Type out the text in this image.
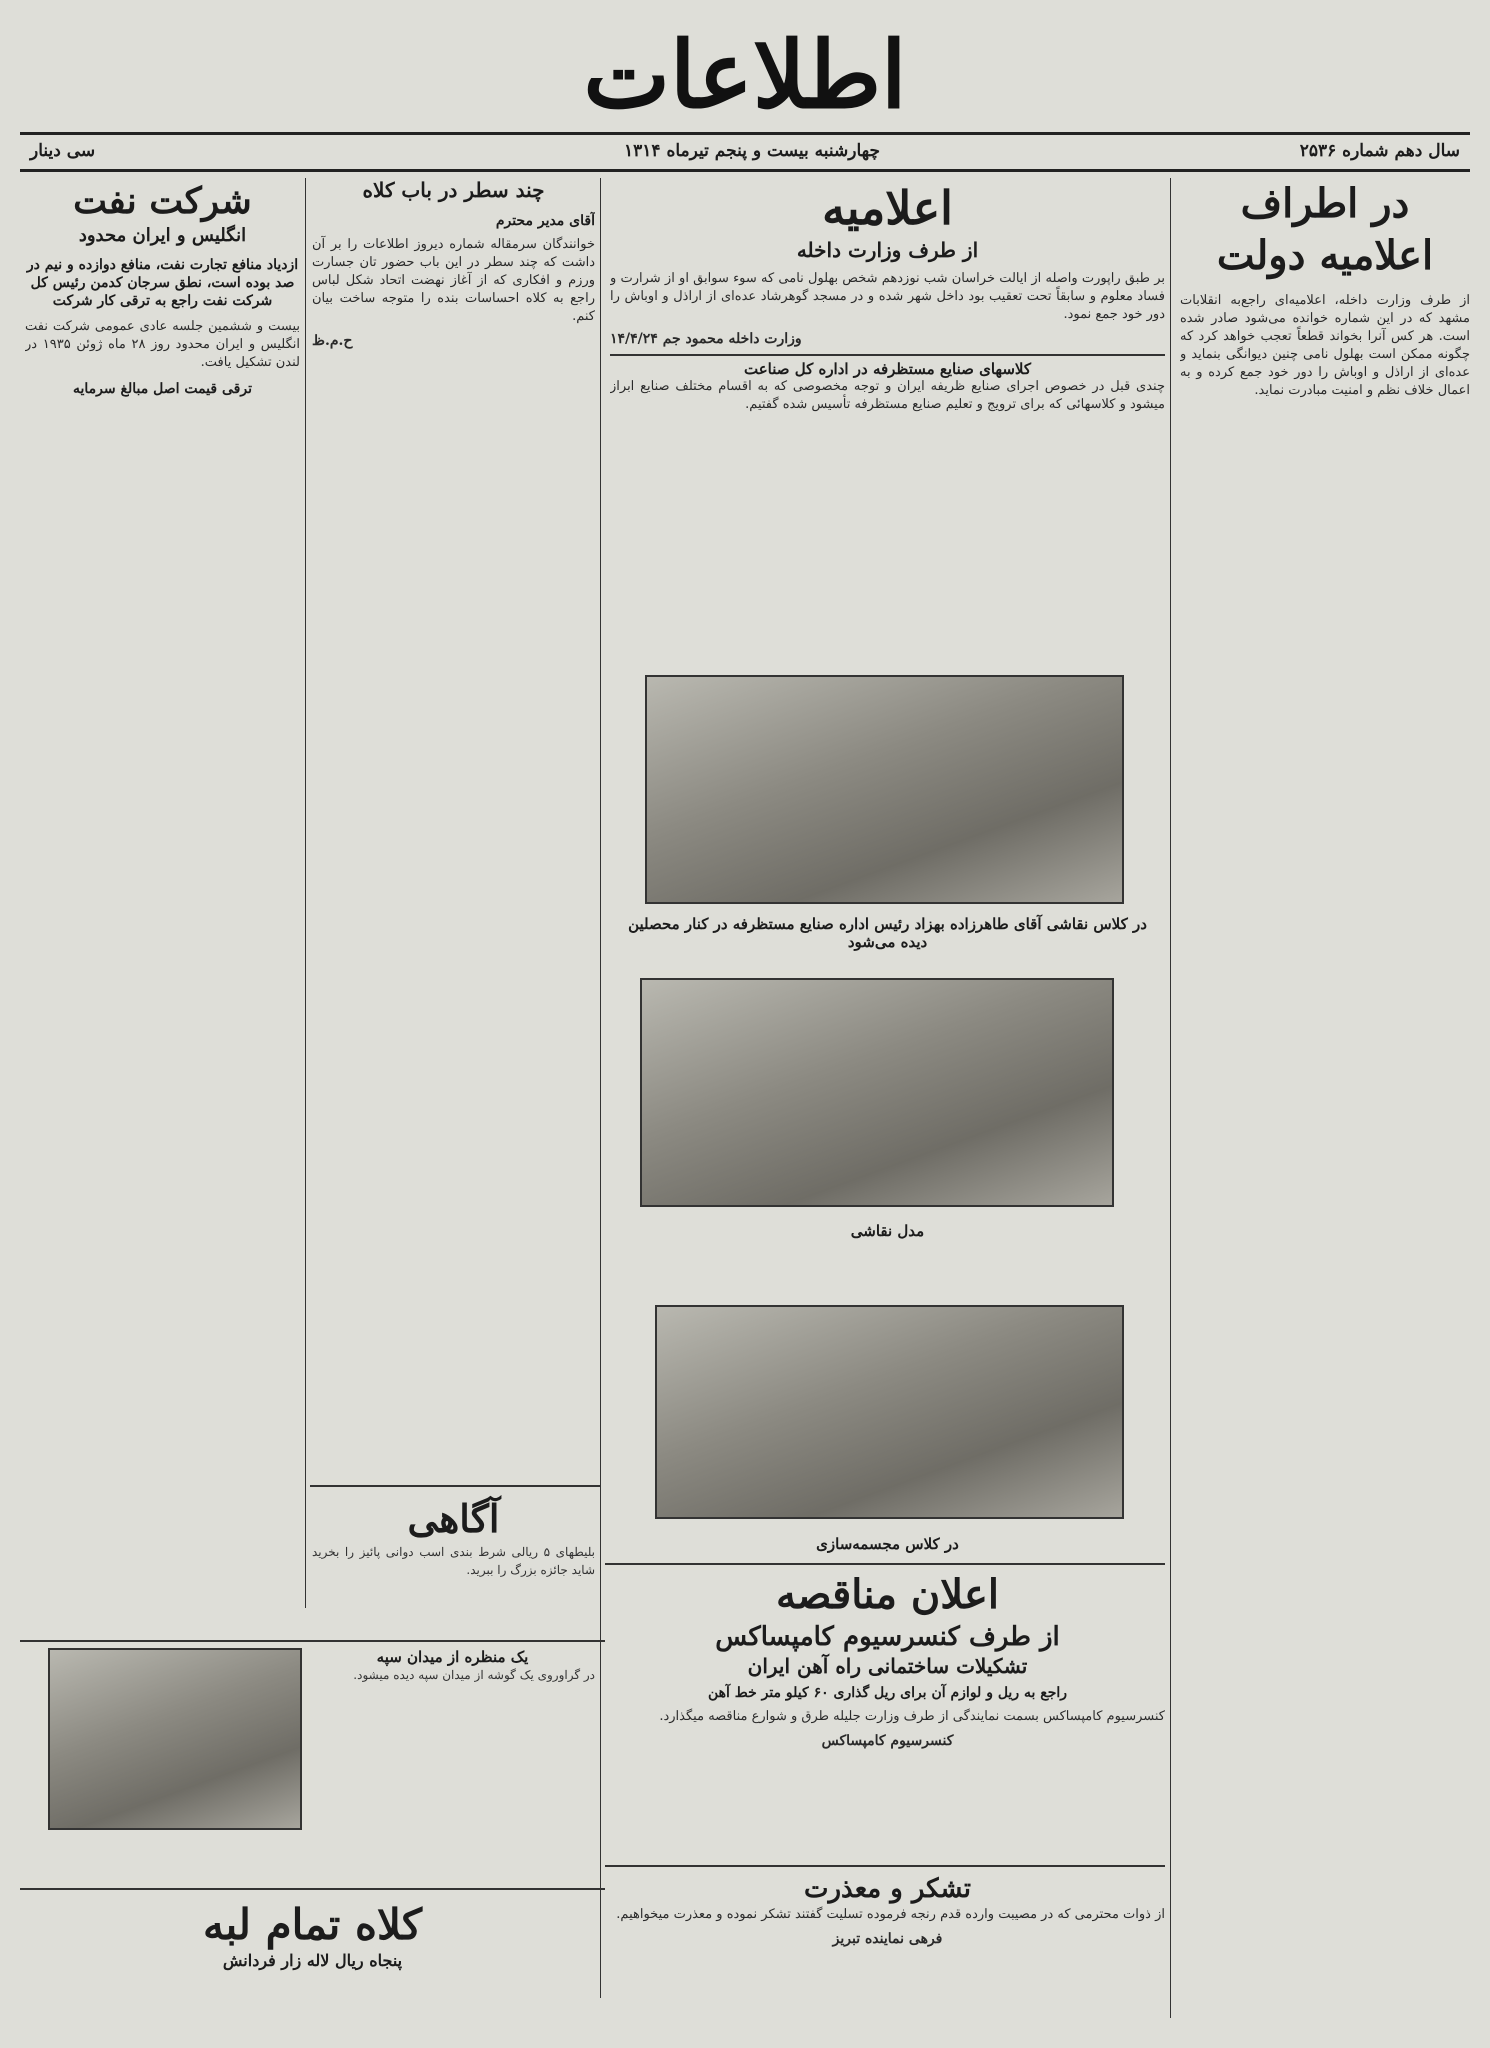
اطلاعات
سال دهم شماره ۲۵۳۶
چهارشنبه بیست و پنجم تیرماه ۱۳۱۴
سی دینار
در اطراف اعلامیه دولت

از طرف وزارت داخله، اعلامیه‌ای راجع‌به انقلابات مشهد که در این شماره خوانده می‌شود صادر شده است. هر کس آنرا بخواند قطعاً تعجب خواهد کرد که چگونه ممکن است بهلول نامی چنین دیوانگی بنماید و عده‌ای از اراذل و اوباش را دور خود جمع کرده و به اعمال خلاف نظم و امنیت مبادرت نماید.

اعلامیه
از طرف وزارت داخله

بر طبق راپورت واصله از ایالت خراسان شب نوزدهم شخص بهلول نامی که سوء سوابق او از شرارت و فساد معلوم و سابقاً تحت تعقیب بود داخل شهر شده و در مسجد گوهرشاد عده‌ای از اراذل و اوباش را دور خود جمع نمود.

وزارت داخله محمود جم ۱۴/۴/۲۴

کلاسهای صنایع مستظرفه در اداره کل صناعت

چندی قبل در خصوص اجرای صنایع ظریفه ایران و توجه مخصوصی که به اقسام مختلف صنایع ابراز میشود و کلاسهائی که برای ترویج و تعلیم صنایع مستظرفه تأسیس شده گفتیم.

در کلاس نقاشی آقای طاهرزاده بهزاد رئیس اداره صنایع مستظرفه در کنار محصلین دیده می‌شود
مدل نقاشی
در کلاس مجسمه‌سازی
اعلان مناقصه
از طرف کنسرسیوم کامپساکس
تشکیلات ساختمانی راه آهن ایران
راجع به ریل و لوازم آن برای ریل گذاری ۶۰ کیلو متر خط آهن

کنسرسیوم کامپساکس بسمت نمایندگی از طرف وزارت جلیله طرق و شوارع مناقصه میگذارد.

کنسرسیوم کامپساکس

تشکر و معذرت

از ذوات محترمی که در مصیبت وارده قدم رنجه فرموده تسلیت گفتند تشکر نموده و معذرت میخواهیم.

فرهی نماینده تبریز

چند سطر در باب کلاه
آقای مدیر محترم

خوانندگان سرمقاله شماره دیروز اطلاعات را بر آن داشت که چند سطر در این باب حضور تان جسارت ورزم و افکاری که از آغاز نهضت اتحاد شکل لباس راجع به کلاه احساسات بنده را متوجه ساخت بیان کنم.

ح.م.ظ

آگاهی

بلیطهای ۵ ریالی شرط بندی اسب دوانی پائیز را بخرید شاید جائزه بزرگ را ببرید.

شرکت نفت
انگلیس و ایران محدود
ازدیاد منافع تجارت نفت، منافع دوازده و نیم در صد بوده است، نطق سرجان کدمن رئیس کل شرکت نفت راجع به ترقی کار شرکت

بیست و ششمین جلسه عادی عمومی شرکت نفت انگلیس و ایران محدود روز ۲۸ ماه ژوئن ۱۹۳۵ در لندن تشکیل یافت.

ترقی قیمت اصل مبالغ سرمایه
یک منظره از میدان سپه

در گراوروی یک گوشه از میدان سپه دیده میشود.

کلاه تمام لبه
پنجاه ریال لاله زار فردانش
